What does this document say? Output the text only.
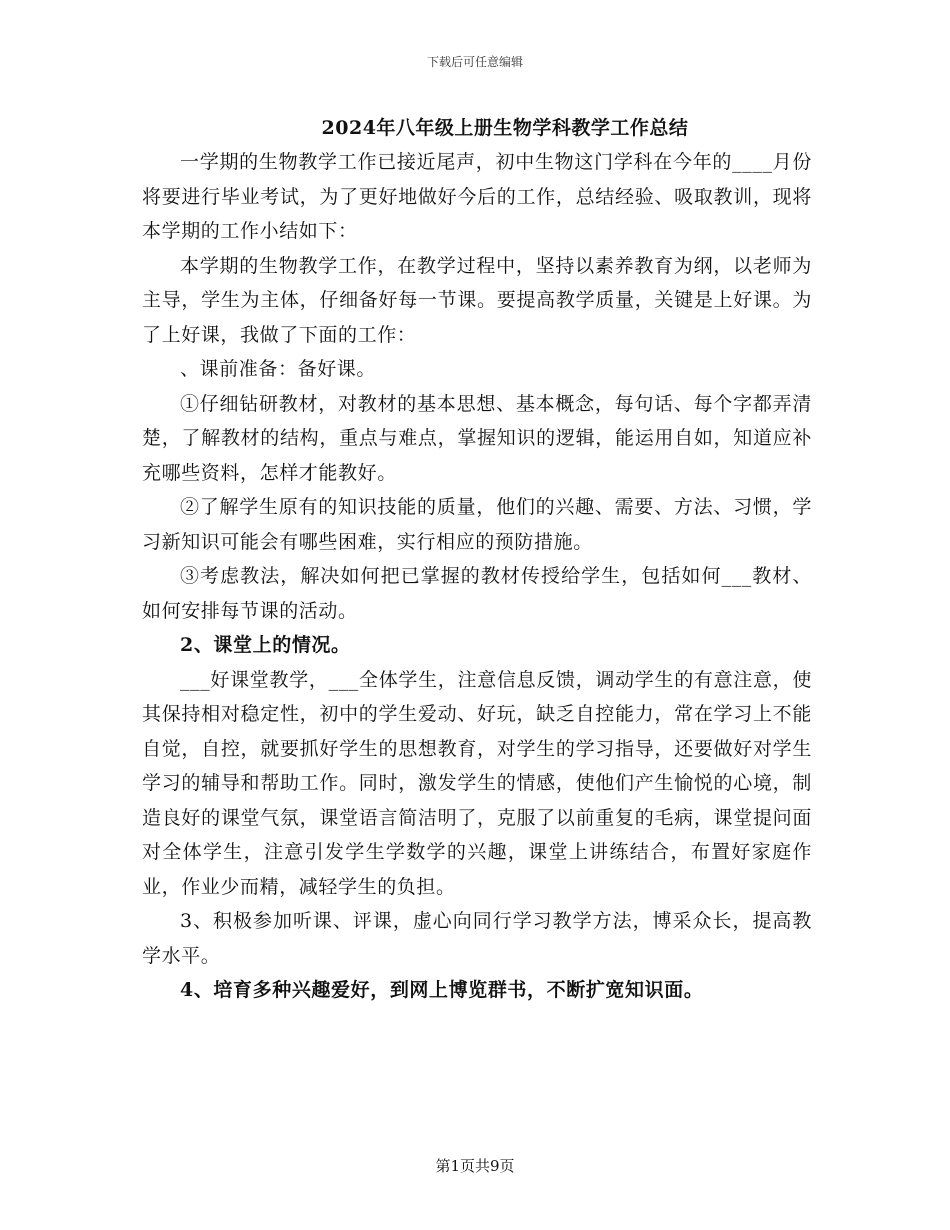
下载后可任意编辑
2024年八年级上册生物学科教学工作总结

一学期的生物教学工作已接近尾声，初中生物这门学科在今年的____月份将要进行毕业考试，为了更好地做好今后的工作，总结经验、吸取教训，现将本学期的工作小结如下：

本学期的生物教学工作，在教学过程中，坚持以素养教育为纲，以老师为主导，学生为主体，仔细备好每一节课。要提高教学质量，关键是上好课。为了上好课，我做了下面的工作：

、课前准备：备好课。

①仔细钻研教材，对教材的基本思想、基本概念，每句话、每个字都弄清楚，了解教材的结构，重点与难点，掌握知识的逻辑，能运用自如，知道应补充哪些资料，怎样才能教好。

②了解学生原有的知识技能的质量，他们的兴趣、需要、方法、习惯，学习新知识可能会有哪些困难，实行相应的预防措施。

③考虑教法，解决如何把已掌握的教材传授给学生，包括如何___教材、如何安排每节课的活动。

2、课堂上的情况。

___好课堂教学，___全体学生，注意信息反馈，调动学生的有意注意，使其保持相对稳定性，初中的学生爱动、好玩，缺乏自控能力，常在学习上不能自觉，自控，就要抓好学生的思想教育，对学生的学习指导，还要做好对学生学习的辅导和帮助工作。同时，激发学生的情感，使他们产生愉悦的心境，制造良好的课堂气氛，课堂语言简洁明了，克服了以前重复的毛病，课堂提问面对全体学生，注意引发学生学数学的兴趣，课堂上讲练结合，布置好家庭作业，作业少而精，减轻学生的负担。

3、积极参加听课、评课，虚心向同行学习教学方法，博采众长，提高教学水平。

4、培育多种兴趣爱好，到网上博览群书，不断扩宽知识面。

第1页共9页
